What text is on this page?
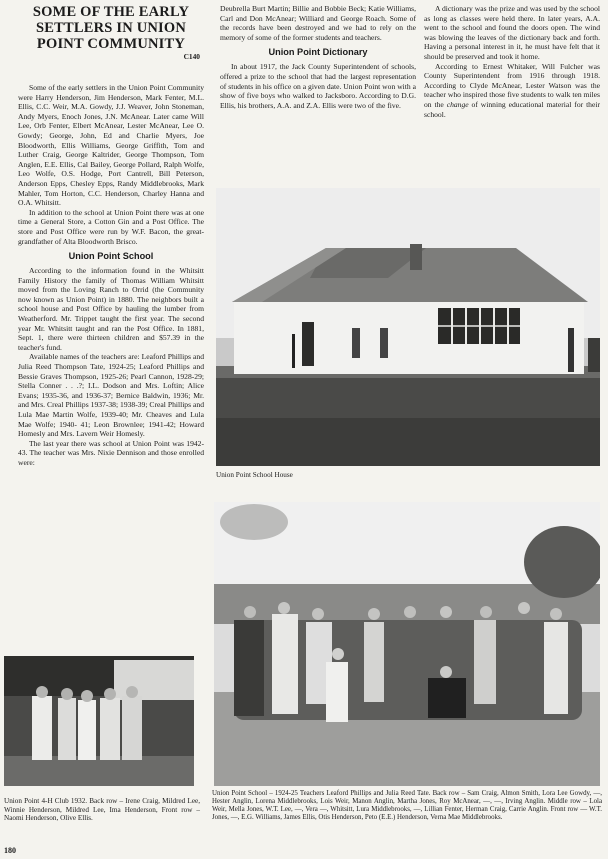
SOME OF THE EARLY SETTLERS IN UNION POINT COMMUNITY

C140

Some of the early settlers in the Union Point Community were Harry Henderson, Jim Henderson, Mark Fenter, M.L. Ellis, C.C. Weir, M.A. Gowdy, J.J. Weaver, John Stoneman, Andy Myers, Enoch Jones, J.N. McAnear. Later came Will Lee, Orb Fenter, Elbert McAnear, Lester McAnear, Lee O. Gowdy; George, John, Ed and Charlie Myers, Joe Bloodworth, Ellis Williams, George Griffith, Tom and Luther Craig, George Kaltrider, George Thompson, Tom Anglen, E.E. Ellis, Cal Bailey, George Pollard, Ralph Wolfe, Leo Wolfe, O.S. Hodge, Port Cantrell, Bill Peterson, Anderson Epps, Chesley Epps, Randy Middlebrooks, Mark Mahler, Tom Horton, C.C. Henderson, Charley Hanna and O.A. Whitsitt.

In addition to the school at Union Point there was at one time a General Store, a Cotton Gin and a Post Office. The store and Post Office were run by W.F. Bacon, the great-grandfather of Alta Bloodworth Brisco.

Union Point School

According to the information found in the Whitsitt Family History the family of Thomas William Whitsitt moved from the Loving Ranch to Orrid (the Community now known as Union Point) in 1880. The neighbors built a school house and Post Office by hauling the lumber from Weatherford. Mr. Trippet taught the first year. The second year Mr. Whitsitt taught and ran the Post Office. In 1881, Sept. 1, there were thirteen children and $57.39 in the teacher's fund.

Available names of the teachers are: Leaford Phillips and Julia Reed Thompson Tate, 1924-25; Leaford Phillips and Bessie Graves Thompson, 1925-26; Pearl Cannon, 1928-29; Stella Conner . . .?; I.L. Dodson and Mrs. Loftin; Alice Evans; 1935-36, and 1936-37; Bernice Baldwin, 1936; Mr. and Mrs. Creal Phillips 1937-38; 1938-39; Creal Phillips and Lula Mae Martin Wolfe, 1939-40; Mr. Cheaves and Lula Mae Wolfe; 1940- 41; Leon Brownlee; 1941-42; Howard Homesly and Mrs. Lavern Weir Homesly.

The last year there was school at Union Point was 1942-43. The teacher was Mrs. Nixie Dennison and those enrolled were:

Deubrella Burt Martin; Billie and Bobbie Beck; Katie Williams, Carl and Don McAnear; Williard and George Roach. Some of the records have been destroyed and we had to rely on the memory of some of the former students and teachers.

Union Point Dictionary

In about 1917, the Jack County Superintendent of schools, offered a prize to the school that had the largest representation of students in his office on a given date. Union Point won with a show of five boys who walked to Jacksboro. According to D.G. Ellis, his brothers, A.A. and Z.A. Ellis were two of the five.

A dictionary was the prize and was used by the school as long as classes were held there. In later years, A.A. went to the school and found the doors open. The wind was blowing the leaves of the dictionary back and forth. Having a personal interest in it, he must have felt that it should be preserved and took it home.

According to Ernest Whitaker, Will Fulcher was County Superintendent from 1916 through 1918. According to Clyde McAnear, Lester Watson was the teacher who inspired those five students to walk ten miles on the change of winning educational material for their school.

Union Point School House
Union Point School – 1924-25 Teachers Leaford Phillips and Julia Reed Tate. Back row – Sam Craig, Almon Smith, Lora Lee Gowdy, —, Hester Anglin, Lorena Middlebrooks, Lois Weir, Manon Anglin, Martha Jones, Roy McAnear, —, —, Irving Anglin. Middle row – Lola Weir, Mella Jones, W.T. Lee, —, Vera —, Whitsitt, Lura Middlebrooks, —, Lillian Fenter, Herman Craig, Carrie Anglin. Front row — W.T. Jones, —, E.G. Williams, James Ellis, Otis Henderson, Peto (E.E.) Henderson, Verna Mae Middlebrooks.
Union Point 4-H Club 1932. Back row – Irene Craig, Mildred Lee, Winnie Henderson, Mildred Lee, Ima Henderson, Front row – Naomi Henderson, Olive Ellis.
180
